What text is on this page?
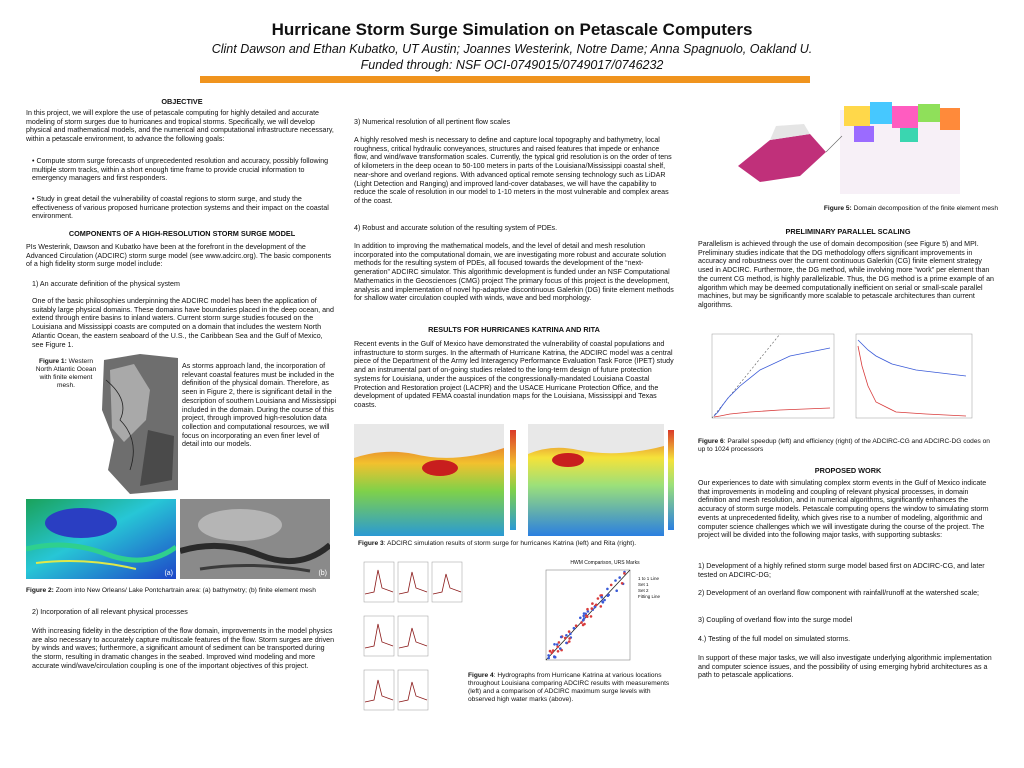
Hurricane Storm Surge Simulation on Petascale Computers
Clint Dawson and Ethan Kubatko, UT Austin; Joannes Westerink, Notre Dame; Anna Spagnuolo, Oakland U.
Funded through: NSF OCI-0749015/0749017/0746232
OBJECTIVE
In this project, we will explore the use of petascale computing for highly detailed and accurate modeling of storm surges due to hurricanes and tropical storms. Specifically, we will develop physical and mathematical models, and the numerical and computational infrastructure necessary, within a petascale environment, to advance the following goals:
• Compute storm surge forecasts of unprecedented resolution and accuracy, possibly following multiple storm tracks, within a short enough time frame to provide crucial information to emergency managers and first responders.
• Study in great detail the vulnerability of coastal regions to storm surge, and study the effectiveness of various proposed hurricane protection systems and their impact on the coastal environment.
COMPONENTS OF A HIGH-RESOLUTION STORM SURGE MODEL
PIs Westerink, Dawson and Kubatko have been at the forefront in the development of the Advanced Circulation (ADCIRC) storm surge model (see www.adcirc.org). The basic components of a high fidelity storm surge model include:
1) An accurate definition of the physical system
One of the basic philosophies underpinning the ADCIRC model has been the application of suitably large physical domains. These domains have boundaries placed in the deep ocean, and extend through entire basins to inland waters. Current storm surge studies focused on the Louisiana and Mississippi coasts are computed on a domain that includes the western North Atlantic Ocean, the eastern seaboard of the U.S., the Caribbean Sea and the Gulf of Mexico, see Figure 1.
Figure 1: Western North Atlantic Ocean with finite element mesh.
As storms approach land, the incorporation of relevant coastal features must be included in the definition of the physical domain. Therefore, as seen in Figure 2, there is significant detail in the description of southern Louisiana and Mississippi included in the domain. During the course of this project, through improved high-resolution data collection and computational resources, we will focus on incorporating an even finer level of detail into our models.
(a)	(b)
Figure 2: Zoom into New Orleans/ Lake Pontchartrain area: (a) bathymetry; (b) finite element mesh
2) Incorporation of all relevant physical processes
With increasing fidelity in the description of the flow domain, improvements in the model physics are also necessary to accurately capture multiscale features of the flow. Storm surges are driven by winds and waves; furthermore, a significant amount of sediment can be transported during the storm, resulting in dramatic changes in the seabed. Improved wind modeling and more accurate wind/wave/circulation coupling is one of the important objectives of this project.
3) Numerical resolution of all pertinent flow scales
A highly resolved mesh is necessary to define and capture local topography and bathymetry, local roughness, critical hydraulic conveyances, structures and raised features that impede or enhance flow, and wind/wave transformation scales. Currently, the typical grid resolution is on the order of tens of kilometers in the deep ocean to 50-100 meters in parts of the Louisiana/Mississippi coastal shelf, near-shore and overland regions. With advanced optical remote sensing technology such as LiDAR (Light Detection and Ranging) and improved land-cover databases, we will have the capability to reduce the scale of resolution in our model to 1-10 meters in the most vulnerable and complex areas of the coast.
4) Robust and accurate solution of the resulting system of PDEs.
In addition to improving the mathematical models, and the level of detail and mesh resolution incorporated into the computational domain, we are investigating more robust and accurate solution methods for the resulting system of PDEs, all focused towards the development of the “next-generation” ADCIRC simulator. This algorithmic development is funded under an NSF Computational Mathematics in the Geosciences (CMG) project The primary focus of this project is the development, analysis and implementation of novel hp-adaptive discontinuous Galerkin (DG) finite element methods for shallow water circulation coupled with winds, wave and bed morphology.
RESULTS FOR HURRICANES KATRINA AND RITA
Recent events in the Gulf of Mexico have demonstrated the vulnerability of coastal populations and infrastructure to storm surges. In the aftermath of Hurricane Katrina, the ADCIRC model was a central piece of the Department of the Army led Interagency Performance Evaluation Task Force (IPET) study and an instrumental part of on-going studies related to the long-term design of future protection systems for Louisiana, under the auspices of the congressionally-mandated Louisiana Coastal Protection and Restoration project (LACPR) and the USACE Hurricane Protection Office, and the development of updated FEMA coastal inundation maps for the Louisiana, Mississippi and Texas coasts.
Figure 3: ADCIRC simulation results of storm surge for hurricanes Katrina (left) and Rita (right).
HWM Comparison, URS Marks
1 to 1 Line
Set 1
Set 2
Fitting Line
Figure 4: Hydrographs from Hurricane Katrina at various locations throughout Louisiana comparing ADCIRC results with measurements (left) and a comparison of ADCIRC maximum surge levels with observed high water marks (above).
Figure 5: Domain decomposition of the finite element mesh
PRELIMINARY PARALLEL SCALING
Parallelism is achieved through the use of domain decomposition (see Figure 5) and MPI. Preliminary studies indicate that the DG methodology offers significant improvements in accuracy and robustness over the current continuous Galerkin (CG) finite element strategy used in ADCIRC. Furthermore, the DG method, while involving more “work” per element than the current CG method, is highly parallelizable. Thus, the DG method is a prime example of an algorithm which may be deemed computationally inefficient on serial or small-scale parallel machines, but may be significantly more scalable to petascale architectures than current algorithms.
Figure 6: Parallel speedup (left) and efficiency (right) of the ADCIRC-CG and ADCIRC-DG codes on up to 1024 processors
PROPOSED WORK
Our experiences to date with simulating complex storm events in the Gulf of Mexico indicate that improvements in modeling and coupling of relevant physical processes, in domain definition and mesh resolution, and in numerical algorithms, significantly enhances the accuracy of storm surge models. Petascale computing opens the window to simulating storm events at unprecedented fidelity, which gives rise to a number of modeling, algorithmic and computer science challenges which we will investigate during the course of the project. The project will be divided into the following major tasks, with supporting subtasks:
1) Development of a highly refined storm surge model based first on ADCIRC-CG, and later tested on ADCIRC-DG;
2) Development of an overland flow component with rainfall/runoff at the watershed scale;
3) Coupling of overland flow into the surge model
4.) Testing of the full model on simulated storms.
In support of these major tasks, we will also investigate underlying algorithmic implementation and computer science issues, and the possibility of using emerging hybrid architectures as a path to petascale applications.
